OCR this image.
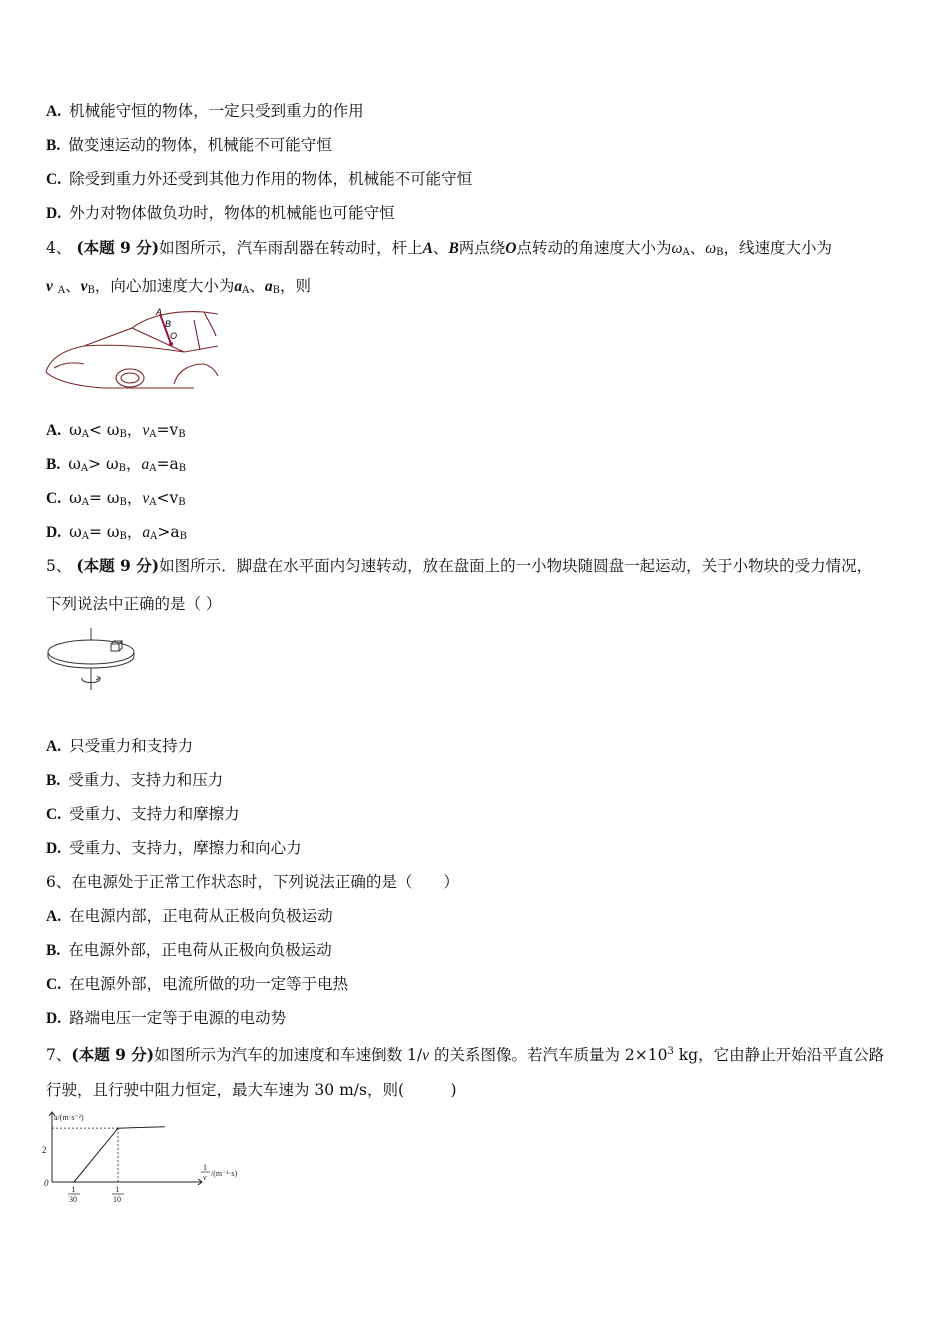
A. 机械能守恒的物体，一定只受到重力的作用
B. 做变速运动的物体，机械能不可能守恒
C. 除受到重力外还受到其他力作用的物体，机械能不可能守恒
D. 外力对物体做负功时，物体的机械能也可能守恒
4、 (本题 9 分)如图所示，汽车雨刮器在转动时，杆上A、B两点绕O点转动的角速度大小为$\omega_A$、$\omega_B$，线速度大小为
v $_A$、$v_B$，向心加速度大小为$a_A$、$a_B$，则
A
B
O
A. $\omega_A< \omega_B$，$v_A=v_B$
B. $\omega_A> \omega_B$，$a_A=a_B$
C. $\omega_A= \omega_B$，$v_A<v_B$
D. $\omega_A= \omega_B$，$a_A>a_B$
5、 (本题 9 分)如图所示．脚盘在水平面内匀速转动，放在盘面上的一小物块随圆盘一起运动，关于小物块的受力情况，
下列说法中正确的是（ ）
A. 只受重力和支持力
B. 受重力、支持力和压力
C. 受重力、支持力和摩擦力
D. 受重力、支持力，摩擦力和向心力
6、在电源处于正常工作状态时，下列说法正确的是（　　）
A. 在电源内部，正电荷从正极向负极运动
B. 在电源外部，正电荷从正极向负极运动
C. 在电源外部，电流所做的功一定等于电热
D. 路端电压一定等于电源的电动势
7、(本题 9 分)如图所示为汽车的加速度和车速倒数 1/v 的关系图像。若汽车质量为 $2\times 10^3$ kg，它由静止开始沿平直公路
行驶，且行驶中阻力恒定，最大车速为 30 m/s，则(　　　)
a/(m·s⁻²)
0
2
1
v /(m⁻¹·s)
1
30
1
10
